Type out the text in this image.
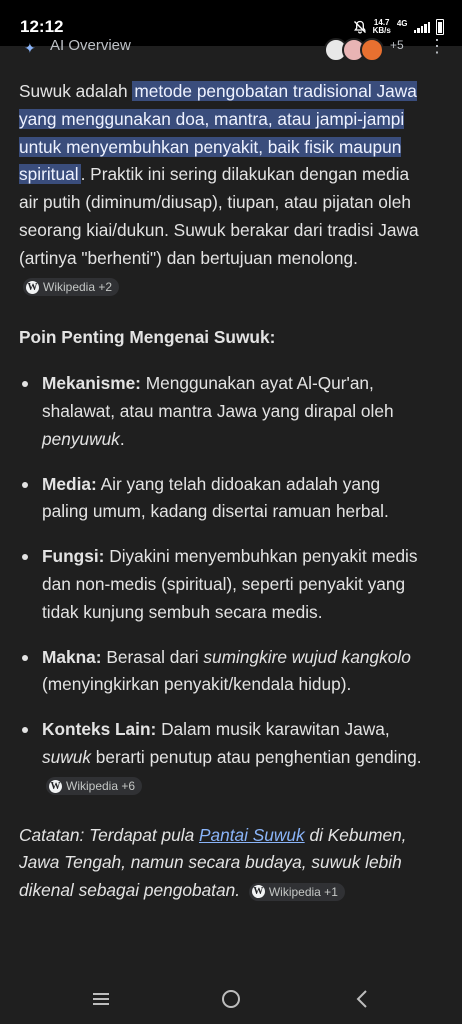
12:12	14.7
KB/s
4G
✦ AI Overview	+5 ⋮

Suwuk adalah metode pengobatan tradisional Jawa yang menggunakan doa, mantra, atau jampi-jampi untuk menyembuhkan penyakit, baik fisik maupun spiritual . Praktik ini sering dilakukan dengan media air putih (diminum/diusap), tiupan, atau pijatan oleh seorang kiai/dukun. Suwuk berakar dari tradisi Jawa (artinya "berhenti") dan bertujuan menolong.
W Wikipedia +2

Poin Penting Mengenai Suwuk:
Mekanisme: Menggunakan ayat Al-Qur'an, shalawat, atau mantra Jawa yang dirapal oleh penyuwuk.
Media: Air yang telah didoakan adalah yang paling umum, kadang disertai ramuan herbal.
Fungsi: Diyakini menyembuhkan penyakit medis dan non-medis (spiritual), seperti penyakit yang tidak kunjung sembuh secara medis.
Makna: Berasal dari sumingkire wujud kangkolo (menyingkirkan penyakit/kendala hidup).
Konteks Lain: Dalam musik karawitan Jawa, suwuk berarti penutup atau penghentian gending.
W Wikipedia +6

Catatan: Terdapat pula Pantai Suwuk di Kebumen, Jawa Tengah, namun secara budaya, suwuk lebih dikenal sebagai pengobatan. W Wikipedia +1
